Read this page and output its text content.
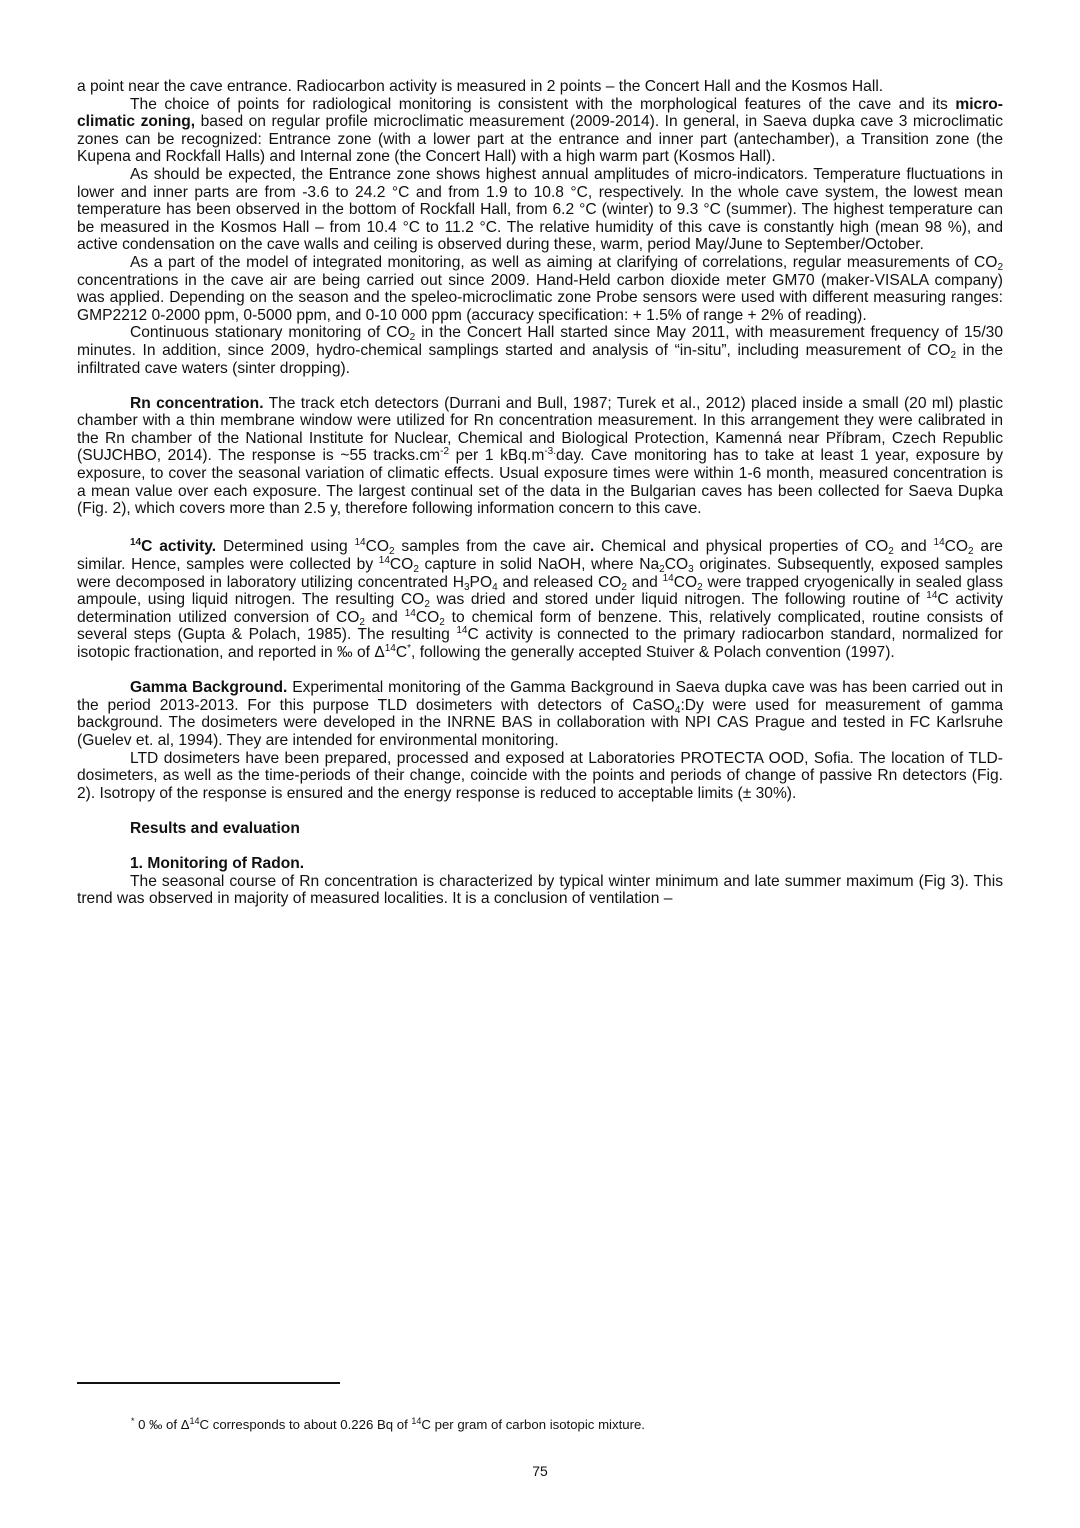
a point near the cave entrance. Radiocarbon activity is measured in 2 points – the Concert Hall and the Kosmos Hall.

The choice of points for radiological monitoring is consistent with the morphological features of the cave and its micro-climatic zoning, based on regular profile microclimatic measurement (2009-2014). In general, in Saeva dupka cave 3 microclimatic zones can be recognized: Entrance zone (with a lower part at the entrance and inner part (antechamber), a Transition zone (the Kupena and Rockfall Halls) and Internal zone (the Concert Hall) with a high warm part (Kosmos Hall).

As should be expected, the Entrance zone shows highest annual amplitudes of micro-indicators. Temperature fluctuations in lower and inner parts are from -3.6 to 24.2 °C and from 1.9 to 10.8 °C, respectively. In the whole cave system, the lowest mean temperature has been observed in the bottom of Rockfall Hall, from 6.2 °C (winter) to 9.3 °C (summer). The highest temperature can be measured in the Kosmos Hall – from 10.4 °C to 11.2 °C. The relative humidity of this cave is constantly high (mean 98 %), and active condensation on the cave walls and ceiling is observed during these, warm, period May/June to September/October.

As a part of the model of integrated monitoring, as well as aiming at clarifying of correlations, regular measurements of $CO_2$ concentrations in the cave air are being carried out since 2009. Hand-Held carbon dioxide meter GM70 (maker-VISALA company) was applied. Depending on the season and the speleo-microclimatic zone Probe sensors were used with different measuring ranges: GMP2212 0-2000 ppm, 0-5000 ppm, and 0-10 000 ppm (accuracy specification: + 1.5% of range + 2% of reading).

Continuous stationary monitoring of $CO_2$ in the Concert Hall started since May 2011, with measurement frequency of 15/30 minutes. In addition, since 2009, hydro-chemical samplings started and analysis of “in-situ”, including measurement of $CO_2$ in the infiltrated cave waters (sinter dropping).

Rn concentration. The track etch detectors (Durrani and Bull, 1987; Turek et al., 2012) placed inside a small (20 ml) plastic chamber with a thin membrane window were utilized for Rn concentration measurement. In this arrangement they were calibrated in the Rn chamber of the National Institute for Nuclear, Chemical and Biological Protection, Kamenná near Příbram, Czech Republic (SUJCHBO, 2014). The response is ~55 $tracks.cm^{-2}$ per 1 $kBq.m^{-3.}day$. Cave monitoring has to take at least 1 year, exposure by exposure, to cover the seasonal variation of climatic effects. Usual exposure times were within 1-6 month, measured concentration is a mean value over each exposure. The largest continual set of the data in the Bulgarian caves has been collected for Saeva Dupka (Fig. 2), which covers more than 2.5 y, therefore following information concern to this cave.

$^{14}$C activity. Determined using $^{14}CO_2$ samples from the cave air. Chemical and physical properties of $CO_2$ and $^{14}CO_2$ are similar. Hence, samples were collected by $^{14}CO_2$ capture in solid NaOH, where $Na_2CO_3$ originates. Subsequently, exposed samples were decomposed in laboratory utilizing concentrated $H_3PO_4$ and released $CO_2$ and $^{14}CO_2$ were trapped cryogenically in sealed glass ampoule, using liquid nitrogen. The resulting $CO_2$ was dried and stored under liquid nitrogen. The following routine of $^{14}$C activity determination utilized conversion of $CO_2$ and $^{14}CO_2$ to chemical form of benzene. This, relatively complicated, routine consists of several steps (Gupta & Polach, 1985). The resulting $^{14}$C activity is connected to the primary radiocarbon standard, normalized for isotopic fractionation, and reported in ‰ of $\Delta^{14}C^*$, following the generally accepted Stuiver & Polach convention (1997).

Gamma Background. Experimental monitoring of the Gamma Background in Saeva dupka cave was has been carried out in the period 2013-2013. For this purpose TLD dosimeters with detectors of CaSO$_4$:Dy were used for measurement of gamma background. The dosimeters were developed in the INRNE BAS in collaboration with NPI CAS Prague and tested in FC Karlsruhe (Guelev et. al, 1994). They are intended for environmental monitoring.

LTD dosimeters have been prepared, processed and exposed at Laboratories PROTECTA OOD, Sofia. The location of TLD-dosimeters, as well as the time-periods of their change, coincide with the points and periods of change of passive Rn detectors (Fig. 2). Isotropy of the response is ensured and the energy response is reduced to acceptable limits (± 30%).

Results and evaluation

1. Monitoring of Radon.

The seasonal course of Rn concentration is characterized by typical winter minimum and late summer maximum (Fig 3). This trend was observed in majority of measured localities. It is a conclusion of ventilation –

* 0 ‰ of $\Delta^{14}C$ corresponds to about 0.226 Bq of $^{14}$C per gram of carbon isotopic mixture.
75
